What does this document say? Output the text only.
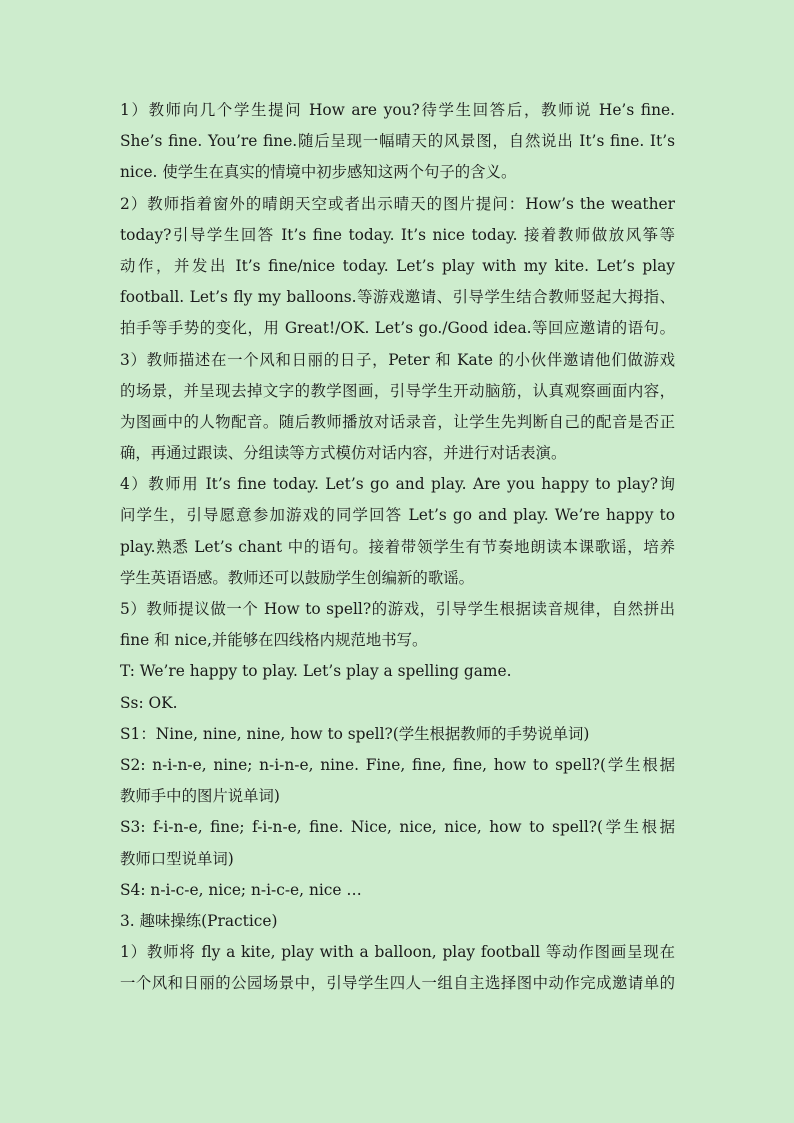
1）教师向几个学生提问 How are you?待学生回答后，教师说 He’s fine.
She’s fine. You’re fine.随后呈现一幅晴天的风景图，自然说出 It’s fine. It’s
nice. 使学生在真实的情境中初步感知这两个句子的含义。
2）教师指着窗外的晴朗天空或者出示晴天的图片提问：How’s the weather
today?引导学生回答 It’s fine today. It’s nice today. 接着教师做放风筝等
动作，并发出 It’s fine/nice today. Let’s play with my kite. Let’s play
football. Let’s fly my balloons.等游戏邀请、引导学生结合教师竖起大拇指、
拍手等手势的变化，用 Great!/OK. Let’s go./Good idea.等回应邀请的语句。
3）教师描述在一个风和日丽的日子，Peter 和 Kate 的小伙伴邀请他们做游戏
的场景，并呈现去掉文字的教学图画，引导学生开动脑筋，认真观察画面内容，
为图画中的人物配音。随后教师播放对话录音，让学生先判断自己的配音是否正
确，再通过跟读、分组读等方式模仿对话内容，并进行对话表演。
4）教师用 It’s fine today. Let’s go and play. Are you happy to play?询
问学生，引导愿意参加游戏的同学回答 Let’s go and play. We’re happy to
play.熟悉 Let’s chant 中的语句。接着带领学生有节奏地朗读本课歌谣，培养
学生英语语感。教师还可以鼓励学生创编新的歌谣。
5）教师提议做一个 How to spell?的游戏，引导学生根据读音规律，自然拼出
fine 和 nice,并能够在四线格内规范地书写。
T: We’re happy to play. Let’s play a spelling game.
Ss: OK.
S1：Nine, nine, nine, how to spell?(学生根据教师的手势说单词)
S2: n-i-n-e, nine; n-i-n-e, nine. Fine, fine, fine, how to spell?(学生根据
教师手中的图片说单词)
S3: f-i-n-e, fine; f-i-n-e, fine. Nice, nice, nice, how to spell?(学生根据
教师口型说单词)
S4: n-i-c-e, nice; n-i-c-e, nice …
3. 趣味操练(Practice)
1）教师将 fly a kite, play with a balloon, play football 等动作图画呈现在
一个风和日丽的公园场景中，引导学生四人一组自主选择图中动作完成邀请单的
